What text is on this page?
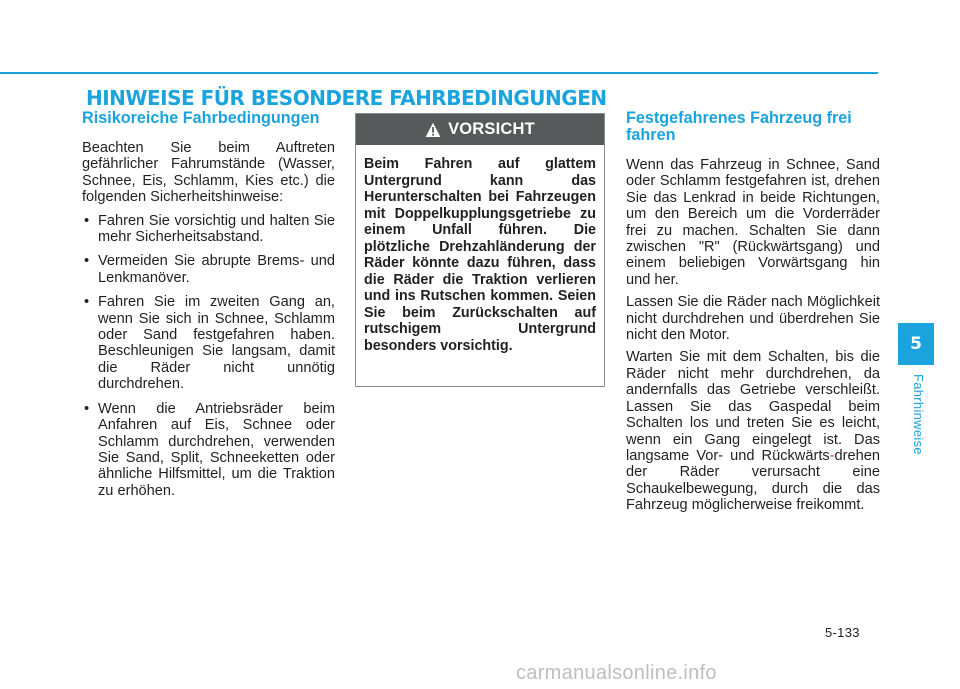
HINWEISE FÜR BESONDERE FAHRBEDINGUNGEN
Risikoreiche Fahrbedingungen

Beachten Sie beim Auftreten gefährlicher Fahrumstände (Wasser, Schnee, Eis, Schlamm, Kies etc.) die folgenden Sicherheitshinweise:

• Fahren Sie vorsichtig und halten Sie mehr Sicherheitsabstand.
• Vermeiden Sie abrupte Brems- und Lenkmanöver.
• Fahren Sie im zweiten Gang an, wenn Sie sich in Schnee, Schlamm oder Sand festgefahren haben. Beschleunigen Sie langsam, damit die Räder nicht unnötig durchdrehen.
• Wenn die Antriebsräder beim Anfahren auf Eis, Schnee oder Schlamm durchdrehen, verwenden Sie Sand, Split, Schneeketten oder ähnliche Hilfsmittel, um die Traktion zu erhöhen.
VORSICHT

Beim Fahren auf glattem Untergrund kann das Herunterschalten bei Fahrzeugen mit Doppelkupplungsgetriebe zu einem Unfall führen. Die plötzliche Drehzahländerung der Räder könnte dazu führen, dass die Räder die Traktion verlieren und ins Rutschen kommen. Seien Sie beim Zurückschalten auf rutschigem Untergrund besonders vorsichtig.

Festgefahrenes Fahrzeug frei fahren

Wenn das Fahrzeug in Schnee, Sand oder Schlamm festgefahren ist, drehen Sie das Lenkrad in beide Richtungen, um den Bereich um die Vorderräder frei zu machen. Schalten Sie dann zwischen "R" (Rückwärtsgang) und einem beliebigen Vorwärtsgang hin und her.

Lassen Sie die Räder nach Möglichkeit nicht durchdrehen und überdrehen Sie nicht den Motor.

Warten Sie mit dem Schalten, bis die Räder nicht mehr durchdrehen, da andernfalls das Getriebe verschleißt. Lassen Sie das Gaspedal beim Schalten los und treten Sie es leicht, wenn ein Gang eingelegt ist. Das langsame Vor- und Rückwärts-drehen der Räder verursacht eine Schaukelbewegung, durch die das Fahrzeug möglicherweise freikommt.

5
Fahrhinweise
5-133
carmanualsonline.info
